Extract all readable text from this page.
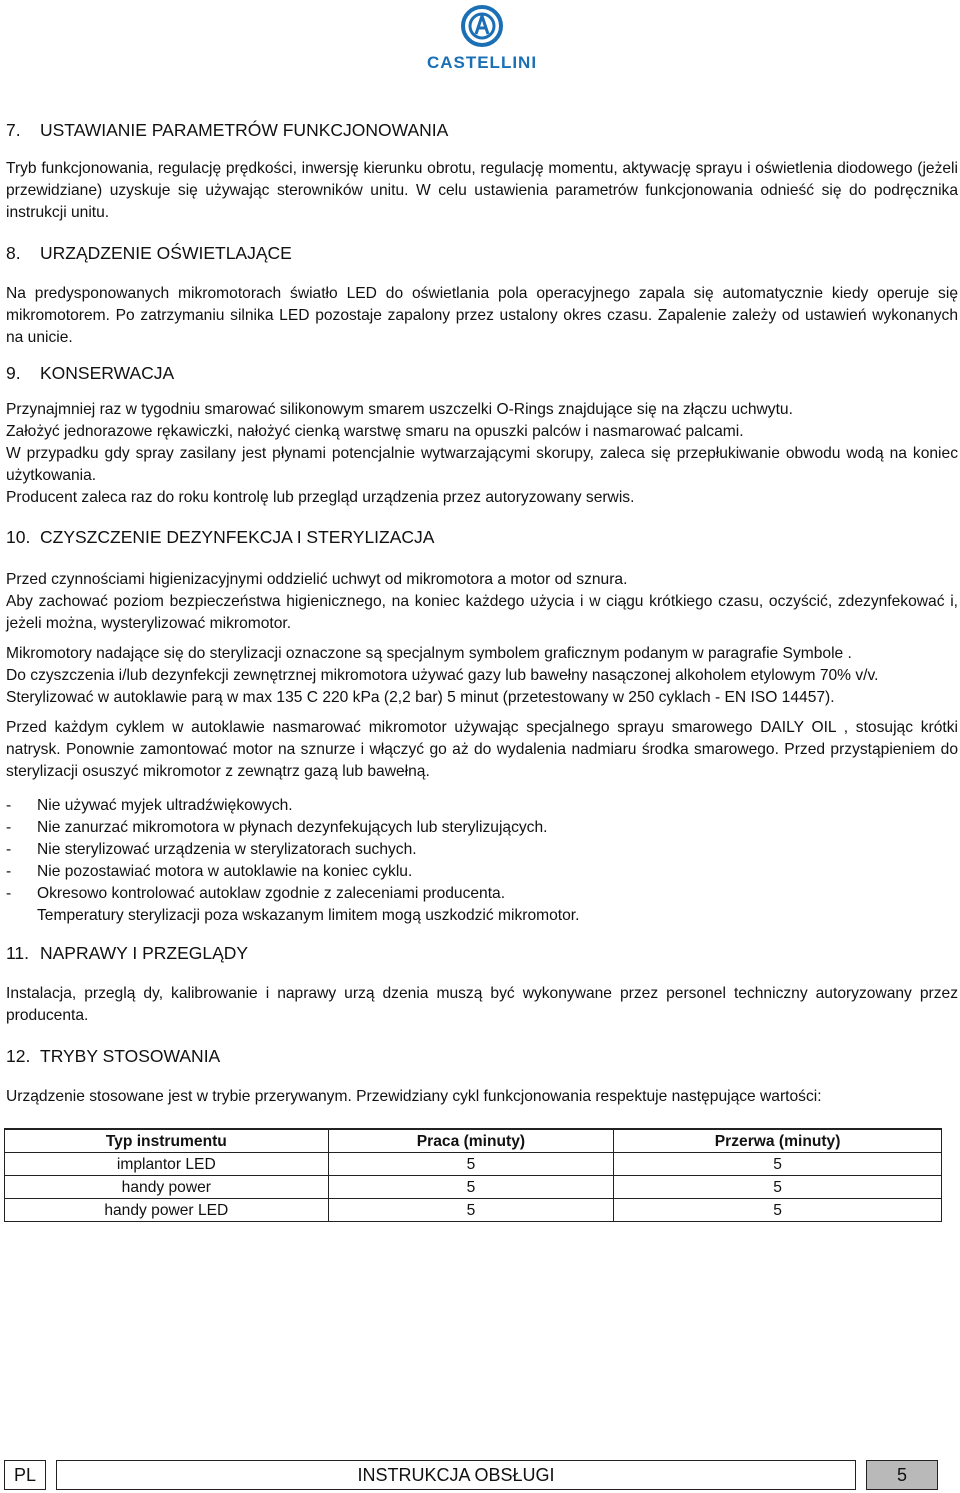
CASTELLINI
7. USTAWIANIE PARAMETRÓW FUNKCJONOWANIA

Tryb funkcjonowania, regulację prędkości, inwersję kierunku obrotu, regulację momentu, aktywację sprayu i oświetlenia diodowego (jeżeli przewidziane) uzyskuje się używając sterowników unitu. W celu ustawienia parametrów funkcjonowania odnieść się do podręcznika instrukcji unitu.

8. URZĄDZENIE OŚWIETLAJĄCE

Na predysponowanych mikromotorach światło LED do oświetlania pola operacyjnego zapala się automatycznie kiedy operuje się mikromotorem. Po zatrzymaniu silnika LED pozostaje zapalony przez ustalony okres czasu. Zapalenie zależy od ustawień wykonanych na unicie.

9. KONSERWACJA

Przynajmniej raz w tygodniu smarować silikonowym smarem uszczelki O-Rings znajdujące się na złączu uchwytu.

Założyć jednorazowe rękawiczki, nałożyć cienką warstwę smaru na opuszki palców i nasmarować palcami.

W przypadku gdy spray zasilany jest płynami potencjalnie wytwarzającymi skorupy, zaleca się przepłukiwanie obwodu wodą na koniec użytkowania.

Producent zaleca raz do roku kontrolę lub przegląd urządzenia przez autoryzowany serwis.

10. CZYSZCZENIE DEZYNFEKCJA I STERYLIZACJA

Przed czynnościami higienizacyjnymi oddzielić uchwyt od mikromotora a motor od sznura.

Aby zachować poziom bezpieczeństwa higienicznego, na koniec każdego użycia i w ciągu krótkiego czasu, oczyścić, zdezynfekować i, jeżeli można, wysterylizować mikromotor.

Mikromotory nadające się do sterylizacji oznaczone są specjalnym symbolem graficznym podanym w paragrafie Symbole .

Do czyszczenia i/lub dezynfekcji zewnętrznej mikromotora używać gazy lub bawełny nasączonej alkoholem etylowym 70% v/v.

Sterylizować w autoklawie parą w max 135 C 220 kPa (2,2 bar) 5 minut (przetestowany w 250 cyklach - EN ISO 14457).

Przed każdym cyklem w autoklawie nasmarować mikromotor używając specjalnego sprayu smarowego DAILY OIL , stosując krótki natrysk. Ponownie zamontować motor na sznurze i włączyć go aż do wydalenia nadmiaru środka smarowego. Przed przystąpieniem do sterylizacji osuszyć mikromotor z zewnątrz gazą lub bawełną.

- Nie używać myjek ultradźwiękowych.
- Nie zanurzać mikromotora w płynach dezynfekujących lub sterylizujących.
- Nie sterylizować urządzenia w sterylizatorach suchych.
- Nie pozostawiać motora w autoklawie na koniec cyklu.
- Okresowo kontrolować autoklaw zgodnie z zaleceniami producenta.

Temperatury sterylizacji poza wskazanym limitem mogą uszkodzić mikromotor.

11. NAPRAWY I PRZEGLĄDY

Instalacja, przeglą dy, kalibrowanie i naprawy urzą dzenia muszą być wykonywane przez personel techniczny autoryzowany przez producenta.

12. TRYBY STOSOWANIA

Urządzenie stosowane jest w trybie przerywanym. Przewidziany cykl funkcjonowania respektuje następujące wartości:

Typ instrumentu	Praca (minuty)	Przerwa (minuty)
implantor LED	5	5
handy power	5	5
handy power LED	5	5
PL	INSTRUKCJA OBSŁUGI	5
